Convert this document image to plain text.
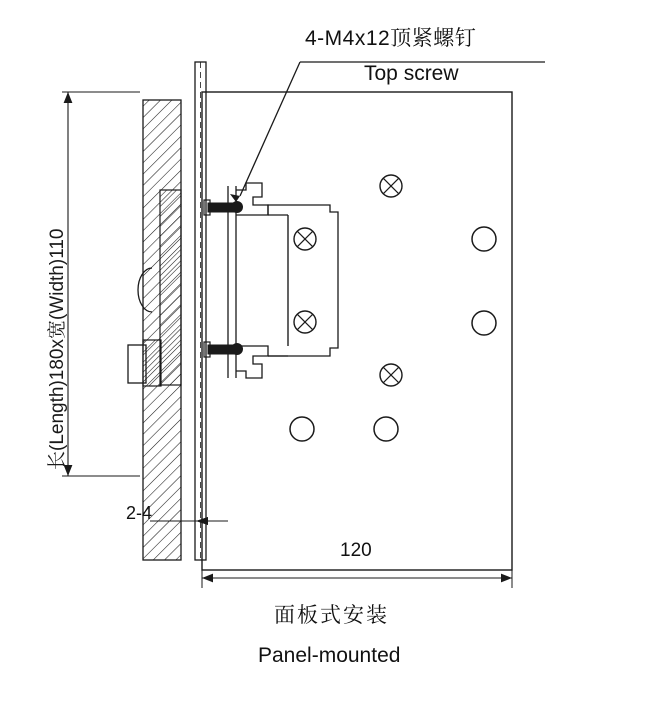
4-M4x12顶紧螺钉
Top screw
长(Length)180x宽(Width)110
2-4
120
面板式安装
Panel-mounted
